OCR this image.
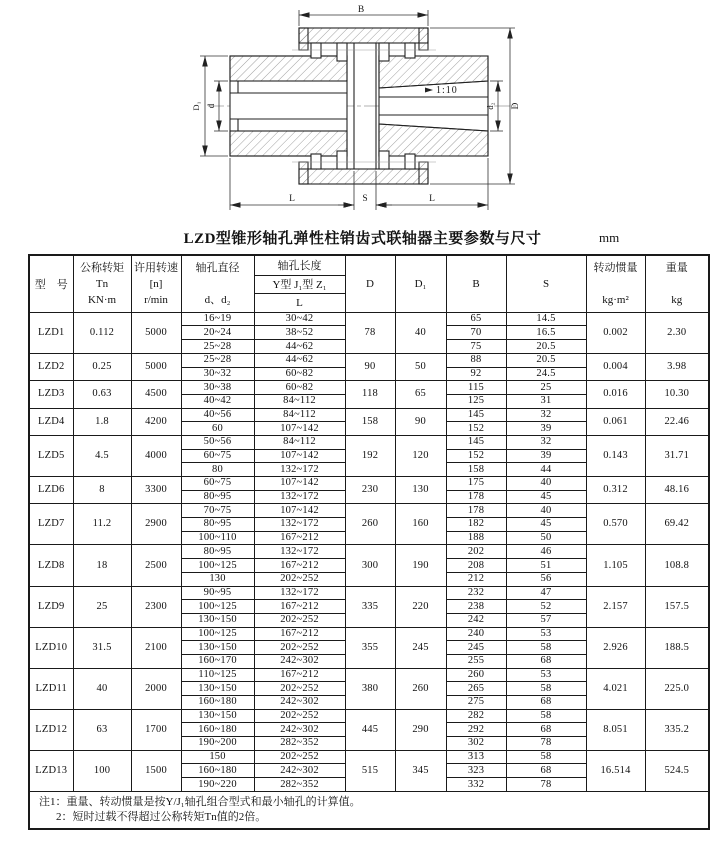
1:10
B
D
d₂
D₁ d
L	S	L
LZD型锥形轴孔弹性柱销齿式联轴器主要参数与尺寸	mm
型　号	
公称转矩
Tn
KN·m

许用转速
[n]
r/min

轴孔直径
d、d₂

轴孔长度
Y型 J₁型 Z₁
L
	D	D₁	B	S	
转动惯量
kg·m²

重量
kg

LZD1	0.112	5000	16~19	30~42	78	40	65	14.5	0.002	2.30
			20~24	38~52			70	16.5		
			25~28	44~62			75	20.5		
LZD2	0.25	5000	25~28	44~62	90	50	88	20.5	0.004	3.98
			30~32	60~82			92	24.5		
LZD3	0.63	4500	30~38	60~82	118	65	115	25	0.016	10.30
			40~42	84~112			125	31		
LZD4	1.8	4200	40~56	84~112	158	90	145	32	0.061	22.46
			60	107~142			152	39		
LZD5	4.5	4000	50~56	84~112	192	120	145	32	0.143	31.71
			60~75	107~142			152	39		
			80	132~172			158	44		
LZD6	8	3300	60~75	107~142	230	130	175	40	0.312	48.16
			80~95	132~172			178	45		
LZD7	11.2	2900	70~75	107~142	260	160	178	40	0.570	69.42
			80~95	132~172			182	45		
			100~110	167~212			188	50		
LZD8	18	2500	80~95	132~172	300	190	202	46	1.105	108.8
			100~125	167~212			208	51		
			130	202~252			212	56		
LZD9	25	2300	90~95	132~172	335	220	232	47	2.157	157.5
			100~125	167~212			238	52		
			130~150	202~252			242	57		
LZD10	31.5	2100	100~125	167~212	355	245	240	53	2.926	188.5
			130~150	202~252			245	58		
			160~170	242~302			255	68		
LZD11	40	2000	110~125	167~212	380	260	260	53	4.021	225.0
			130~150	202~252			265	58		
			160~180	242~302			275	68		
LZD12	63	1700	130~150	202~252	445	290	282	58	8.051	335.2
			160~180	242~302			292	68		
			190~200	282~352			302	78		
LZD13	100	1500	150	202~252	515	345	313	58	16.514	524.5
			160~180	242~302			323	68		
			190~220	282~352			332	78		

注1：重量、转动惯量是按Y/J₁轴孔组合型式和最小轴孔的计算值。
2：短时过载不得超过公称转矩Tn值的2倍。										
